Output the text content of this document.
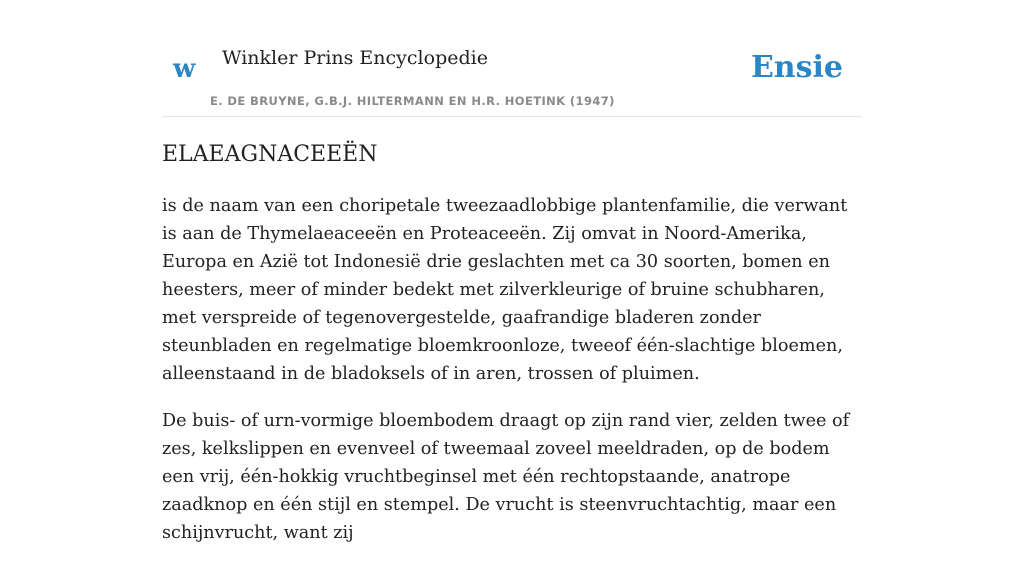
w Winkler Prins Encyclopedie
E. DE BRUYNE, G.B.J. HILTERMANN EN H.R. HOETINK (1947)
Ensie
ELAEAGNACEEËN

is de naam van een choripetale tweezaadlobbige plantenfamilie, die verwant is aan de Thymelaeaceeën en Proteaceeën. Zij omvat in Noord-Amerika, Europa en Azië tot Indonesië drie geslachten met ca 30 soorten, bomen en heesters, meer of minder bedekt met zilverkleurige of bruine schubharen, met verspreide of tegenovergestelde, gaafrandige bladeren zonder steunbladen en regelmatige bloemkroonloze, tweeof één-slachtige bloemen, alleenstaand in de bladoksels of in aren, trossen of pluimen.

De buis- of urn-vormige bloembodem draagt op zijn rand vier, zelden twee of zes, kelkslippen en evenveel of tweemaal zoveel meeldraden, op de bodem een vrij, één-hokkig vruchtbeginsel met één rechtopstaande, anatrope zaadknop en één stijl en stempel. De vrucht is steenvruchtachtig, maar een schijnvrucht, want zij
